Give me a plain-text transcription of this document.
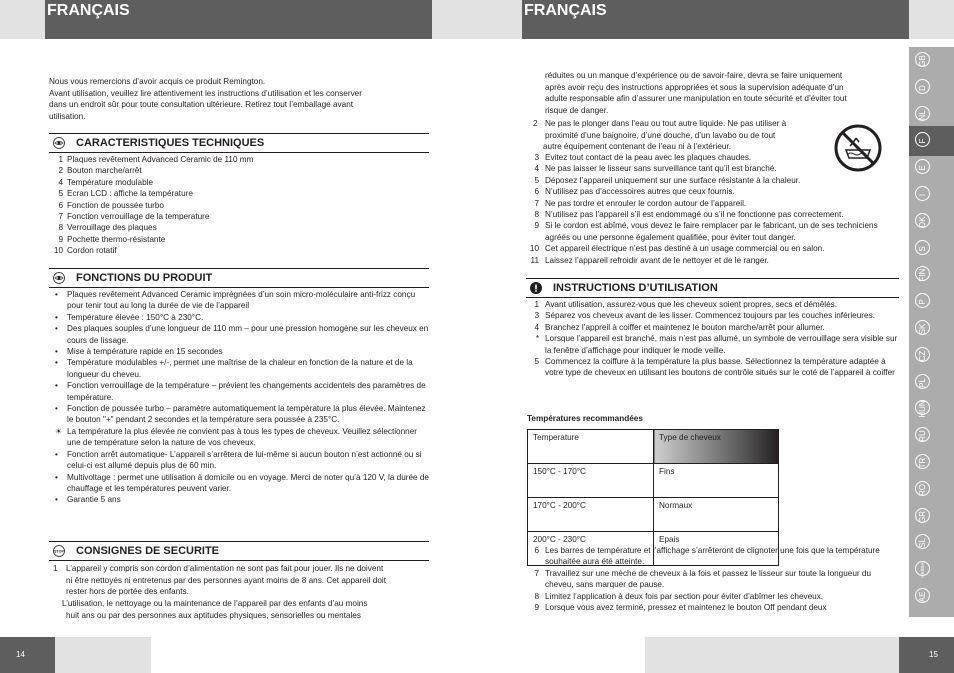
FRANÇAIS

Nous vous remercions d’avoir acquis ce produit Remington.

Avant utilisation, veuillez lire attentivement les instructions d’utilisation et les conserver

dans un endroit sûr pour toute consultation ultérieure. Retirez tout l’emballage avant

utilisation.

CARACTERISTIQUES TECHNIQUES
1 Plaques revêtement Advanced Ceramic de 110 mm
2 Bouton marche/arrêt
4 Température modulable
5 Ecran LCD : affiche la température
6 Fonction de poussée turbo
7 Fonction verrouillage de la temperature
8 Verrouillage des plaques
9 Pochette thermo-résistante
10 Cordon rotatif
FONCTIONS DU PRODUIT
• Plaques revêtement Advanced Ceramic imprégnées d’un soin micro-moléculaire anti-frizz conçu pour tenir tout au long la durée de vie de l’appareil
• Température élevée : 150°C à 230°C.
• Des plaques souples d’une longueur de 110 mm – pour une pression homogène sur les cheveux en cours de lissage.
• Mise à température rapide en 15 secondes
• Température modulables +/-, permet une maîtrise de la chaleur en fonction de la nature et de la longueur du cheveu.
• Fonction verrouillage de la température – prévient les changements accidentels des paramètres de température.
• Fonction de poussée turbo – paramètre automatiquement la température la plus élevée. Maintenez le bouton "+" pendant 2 secondes et la température sera poussée à 235°C.
☀ La température la plus élevée ne convient pas à tous les types de cheveux. Veuillez sélectionner une de température selon la nature de vos cheveux.
• Fonction arrêt automatique- L’appareil s’arrêtera de lui-même si aucun bouton n’est actionné ou si celui-ci est allumé depuis plus de 60 min.
• Multivoltage : permet une utilisation à domicile ou en voyage. Merci de noter qu’à 120 V, la durée de chauffage et les températures peuvent varier.
• Garantie 5 ans
STOP CONSIGNES DE SECURITE
1 L’appareil y compris son cordon d’alimentation ne sont pas fait pour jouer. Ils ne doivent

ni être nettoyés ni entretenus par des personnes ayant moins de 8 ans. Cet appareil doit

rester hors de portée des enfants.

L’utilisation, le nettoyage ou la maintenance de l’appareil par des enfants d’au moins

huit ans ou par des personnes aux aptitudes physiques, sensorielles ou mentales

14
FRANÇAIS

réduites ou un manque d’expérience ou de savoir-faire, devra se faire uniquement

après avoir reçu des instructions appropriées et sous la supervision adéquate d’un

adulte responsable afin d’assurer une manipulation en toute sécurité et d’éviter tout

risque de danger.

2 Ne pas le plonger dans l’eau ou tout autre liquide. Ne pas utiliser à

proximité d’une baignoire, d’une douche, d’un lavabo ou de tout

autre équipement contenant de l’eau ni à l’extérieur.

3 Evitez tout contact de la peau avec les plaques chaudes.
4 Ne pas laisser le lisseur sans surveillance tant qu’il est branché.
5 Déposez l’appareil uniquement sur une surface résistante à la chaleur.
6 N’utilisez pas d’accessoires autres que ceux fournis.
7 Ne pas tordre et enrouler le cordon autour de l’appareil.
8 N’utilisez pas l’appareil s’il est endommagé ou s’il ne fonctionne pas correctement.
9 Si le cordon est abîmé, vous devez le faire remplacer par le fabricant, un de ses techniciens agréés ou une personne également qualifiée, pour éviter tout danger.
10 Cet appareil électrique n’est pas destiné à un usage commercial ou en salon.
11 Laissez l’appareil refroidir avant de le nettoyer et de le ranger.
INSTRUCTIONS D’UTILISATION
1 Avant utilisation, assurez-vous que les cheveux soient propres, secs et démêlés.
3 Séparez vos cheveux avant de les lisser. Commencez toujours par les couches inférieures.
4 Branchez l’appreil à coiffer et maintenez le bouton marche/arrêt pour allumer.
* Lorsque l’appareil est branché, mais n’est pas allumé, un symbole de verrouillage sera visible sur la fenêtre d’affichage pour indiquer le mode veille.
5 Commencez la coiffure à la température la plus basse. Sélectionnez la température adaptée à votre type de cheveux en utilisant les boutons de contrôle situés sur le coté de l’appareil à coiffer

Températures recommandées

Temperature	Type de cheveux
150°C - 170°C	Fins
170°C - 200°C	Normaux
200°C - 230°C	Epais
6 Les barres de température et l’affichage s’arrêteront de clignoter une fois que la température souhaitée aura été atteinte.
7 Travaillez sur une mèche de cheveux à la fois et passez le lisseur sur toute la longueur du cheveu, sans marquer de pause.
8 Limitez l’application à deux fois par section pour éviter d’abîmer les cheveux.
9 Lorsque vous avez terminé, pressez et maintenez le bouton Off pendant deux
15
GB
D
NL
F
E
I
DK
S
FIN
P
SK
CZ
PL
HUN
RU
TR
RO
GR
SL
HR/BIH
AE
